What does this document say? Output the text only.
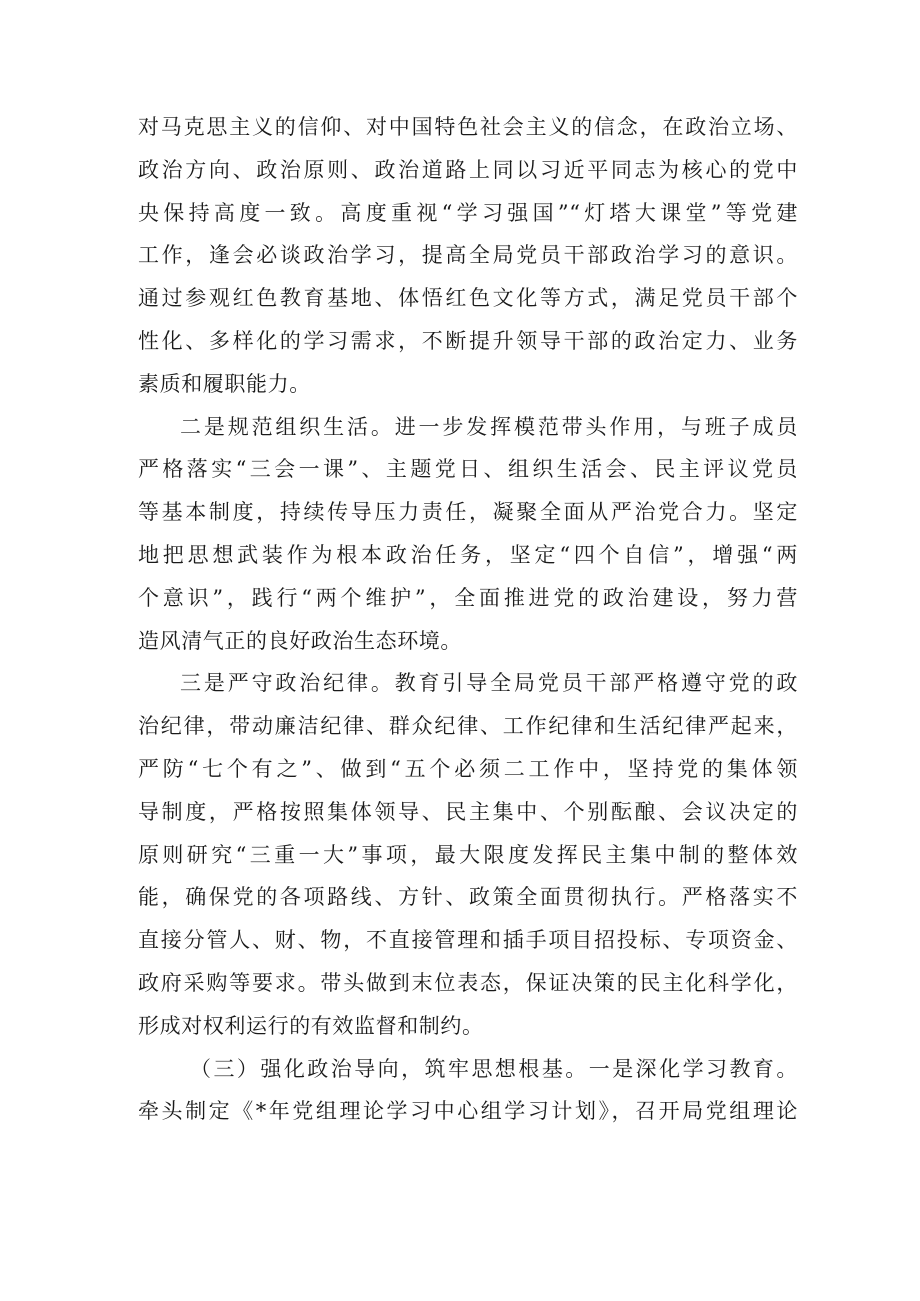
对马克思主义的信仰、对中国特色社会主义的信念，在政治立场、
政治方向、政治原则、政治道路上同以习近平同志为核心的党中
央保持高度一致。高度重视“学习强国”“灯塔大课堂”等党建
工作，逢会必谈政治学习，提高全局党员干部政治学习的意识。
通过参观红色教育基地、体悟红色文化等方式，满足党员干部个
性化、多样化的学习需求，不断提升领导干部的政治定力、业务
素质和履职能力。
二是规范组织生活。进一步发挥模范带头作用，与班子成员
严格落实“三会一课”、主题党日、组织生活会、民主评议党员
等基本制度，持续传导压力责任，凝聚全面从严治党合力。坚定
地把思想武装作为根本政治任务，坚定“四个自信”，增强“两
个意识”，践行“两个维护”，全面推进党的政治建设，努力营
造风清气正的良好政治生态环境。
三是严守政治纪律。教育引导全局党员干部严格遵守党的政
治纪律，带动廉洁纪律、群众纪律、工作纪律和生活纪律严起来，
严防“七个有之”、做到“五个必须二工作中，坚持党的集体领
导制度，严格按照集体领导、民主集中、个别酝酿、会议决定的
原则研究“三重一大”事项，最大限度发挥民主集中制的整体效
能，确保党的各项路线、方针、政策全面贯彻执行。严格落实不
直接分管人、财、物，不直接管理和插手项目招投标、专项资金、
政府采购等要求。带头做到末位表态，保证决策的民主化科学化，
形成对权利运行的有效监督和制约。
（三）强化政治导向，筑牢思想根基。一是深化学习教育。
牵头制定《*年党组理论学习中心组学习计划》，召开局党组理论
